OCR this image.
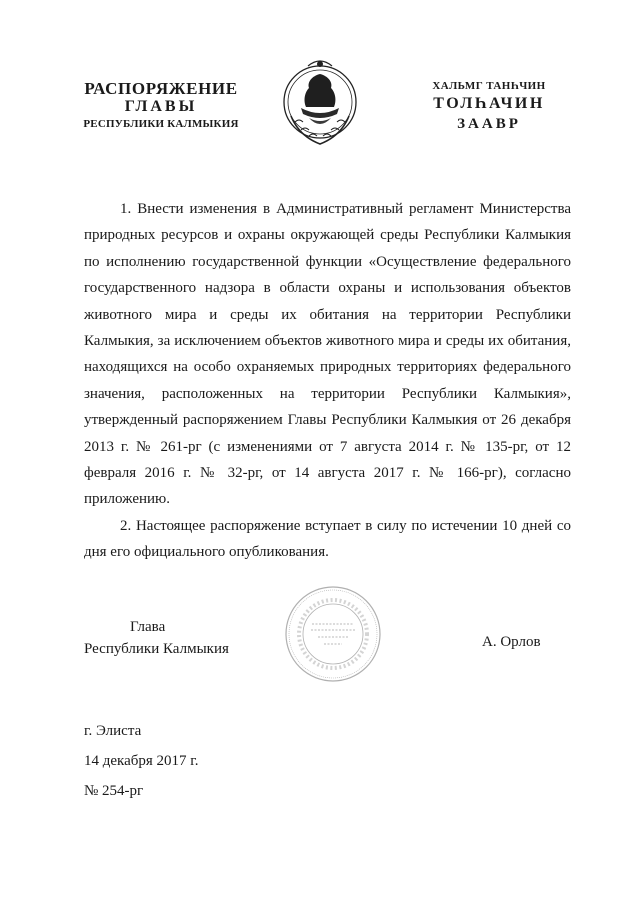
РАСПОРЯЖЕНИЕ
ГЛАВЫ
РЕСПУБЛИКИ КАЛМЫКИЯ
ХАЛЬМГ ТАНҺЧИН
ТОЛҺАЧИН
ЗААВР

1. Внести изменения в Административный регламент Министерства природных ресурсов и охраны окружающей среды Республики Калмыкия по исполнению государственной функции «Осуществление федерального государственного надзора в области охраны и использования объектов животного мира и среды их обитания на территории Республики Калмыкия, за исключением объектов животного мира и среды их обитания, находящихся на особо охраняемых природных территориях федерального значения, расположенных на территории Республики Калмыкия», утвержденный распоряжением Главы Республики Калмыкия от 26 декабря 2013 г. № 261-рг (с изменениями от 7 августа 2014 г. № 135-рг, от 12 февраля 2016 г. № 32-рг, от 14 августа 2017 г. № 166-рг), согласно приложению.

2. Настоящее распоряжение вступает в силу по истечении 10 дней со дня его официального опубликования.

Глава
Республики Калмыкия	А. Орлов
г. Элиста
14 декабря 2017 г.
№ 254-рг
